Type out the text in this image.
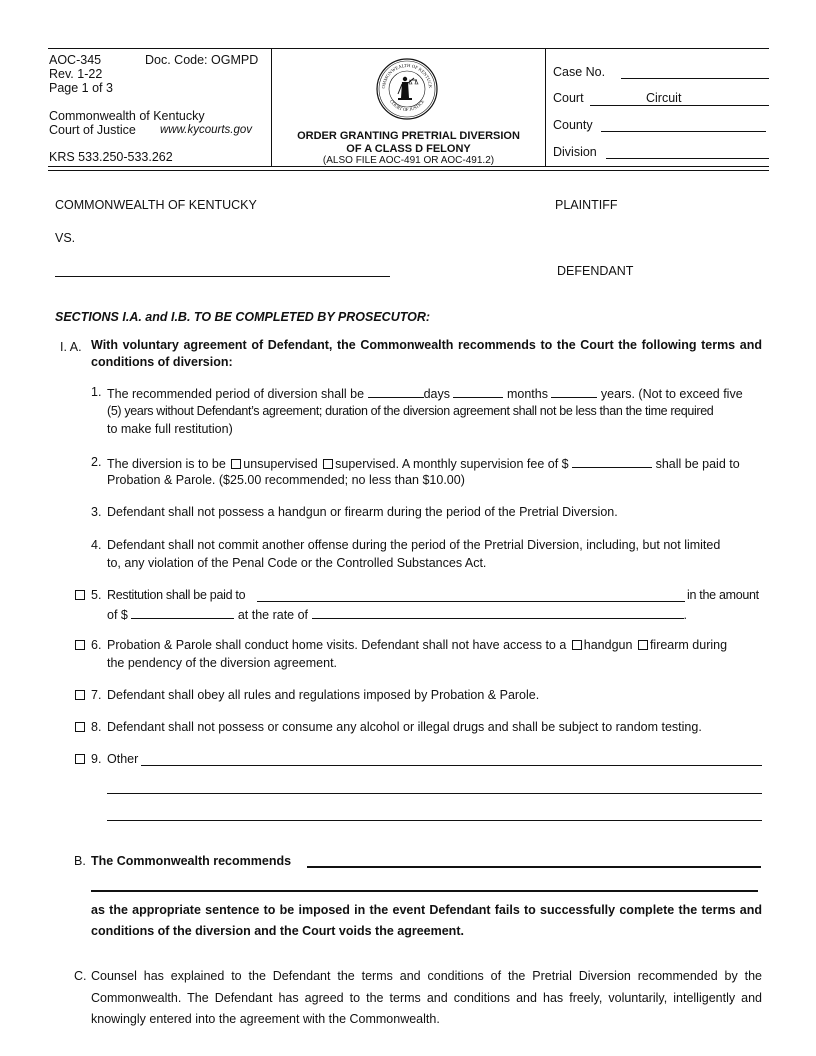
AOC-345	Doc. Code: OGMPD
Rev. 1-22
Page 1 of 3
Commonwealth of Kentucky
Court of Justice www.kycourts.gov
KRS 533.250-533.262
OMMONWEALTH OF KENTUCK
COURT OF JUSTICE
ORDER GRANTING PRETRIAL DIVERSION
OF A CLASS D FELONY
(ALSO FILE AOC-491 OR AOC-491.2)
Case No.
Court	Circuit
County
Division
COMMONWEALTH OF KENTUCKY	PLAINTIFF
VS.
DEFENDANT
SECTIONS I.A. and I.B. TO BE COMPLETED BY PROSECUTOR:
I. A. With voluntary agreement of Defendant, the Commonwealth recommends to the Court the following terms and conditions of diversion:
1. The recommended period of diversion shall be	days	months	years. (Not to exceed five
(5) years without Defendant’s agreement; duration of the diversion agreement shall not be less than the time required
to make full restitution)
2. The diversion is to be unsupervised supervised. A monthly supervision fee of $	shall be paid to
Probation & Parole. ($25.00 recommended; no less than $10.00)
3. Defendant shall not possess a handgun or firearm during the period of the Pretrial Diversion.
4. Defendant shall not commit another offense during the period of the Pretrial Diversion, including, but not limited
to, any violation of the Penal Code or the Controlled Substances Act.
5. Restitution shall be paid to	in the amount
of $	at the rate of	.
6. Probation & Parole shall conduct home visits. Defendant shall not have access to a handgun firearm during
the pendency of the diversion agreement.
7. Defendant shall obey all rules and regulations imposed by Probation & Parole.
8. Defendant shall not possess or consume any alcohol or illegal drugs and shall be subject to random testing.
9. Other
B. The Commonwealth recommends
as the appropriate sentence to be imposed in the event Defendant fails to successfully complete the terms and conditions of the diversion and the Court voids the agreement.
C. Counsel has explained to the Defendant the terms and conditions of the Pretrial Diversion recommended by the Commonwealth. The Defendant has agreed to the terms and conditions and has freely, voluntarily, intelligently and knowingly entered into the agreement with the Commonwealth.
